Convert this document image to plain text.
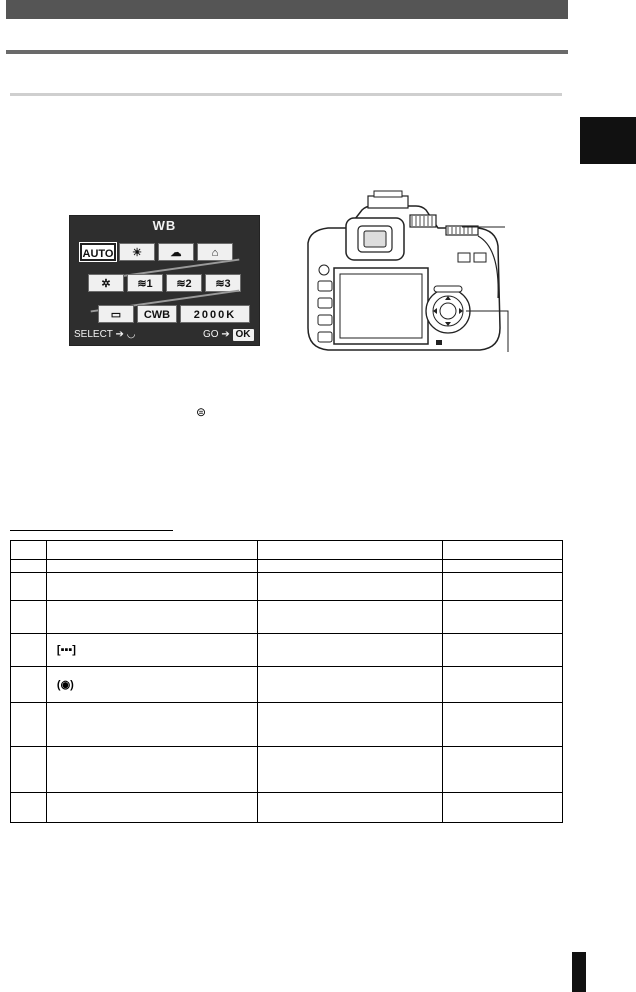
WB
AUTO	☀	☁	⌂
✲	≋1	≋2	≋3
▭	CWB	2000K
SELECT ➔ ◡	GO ➔ OK
⊜

	[▪▪▪]		
	(◉)		
